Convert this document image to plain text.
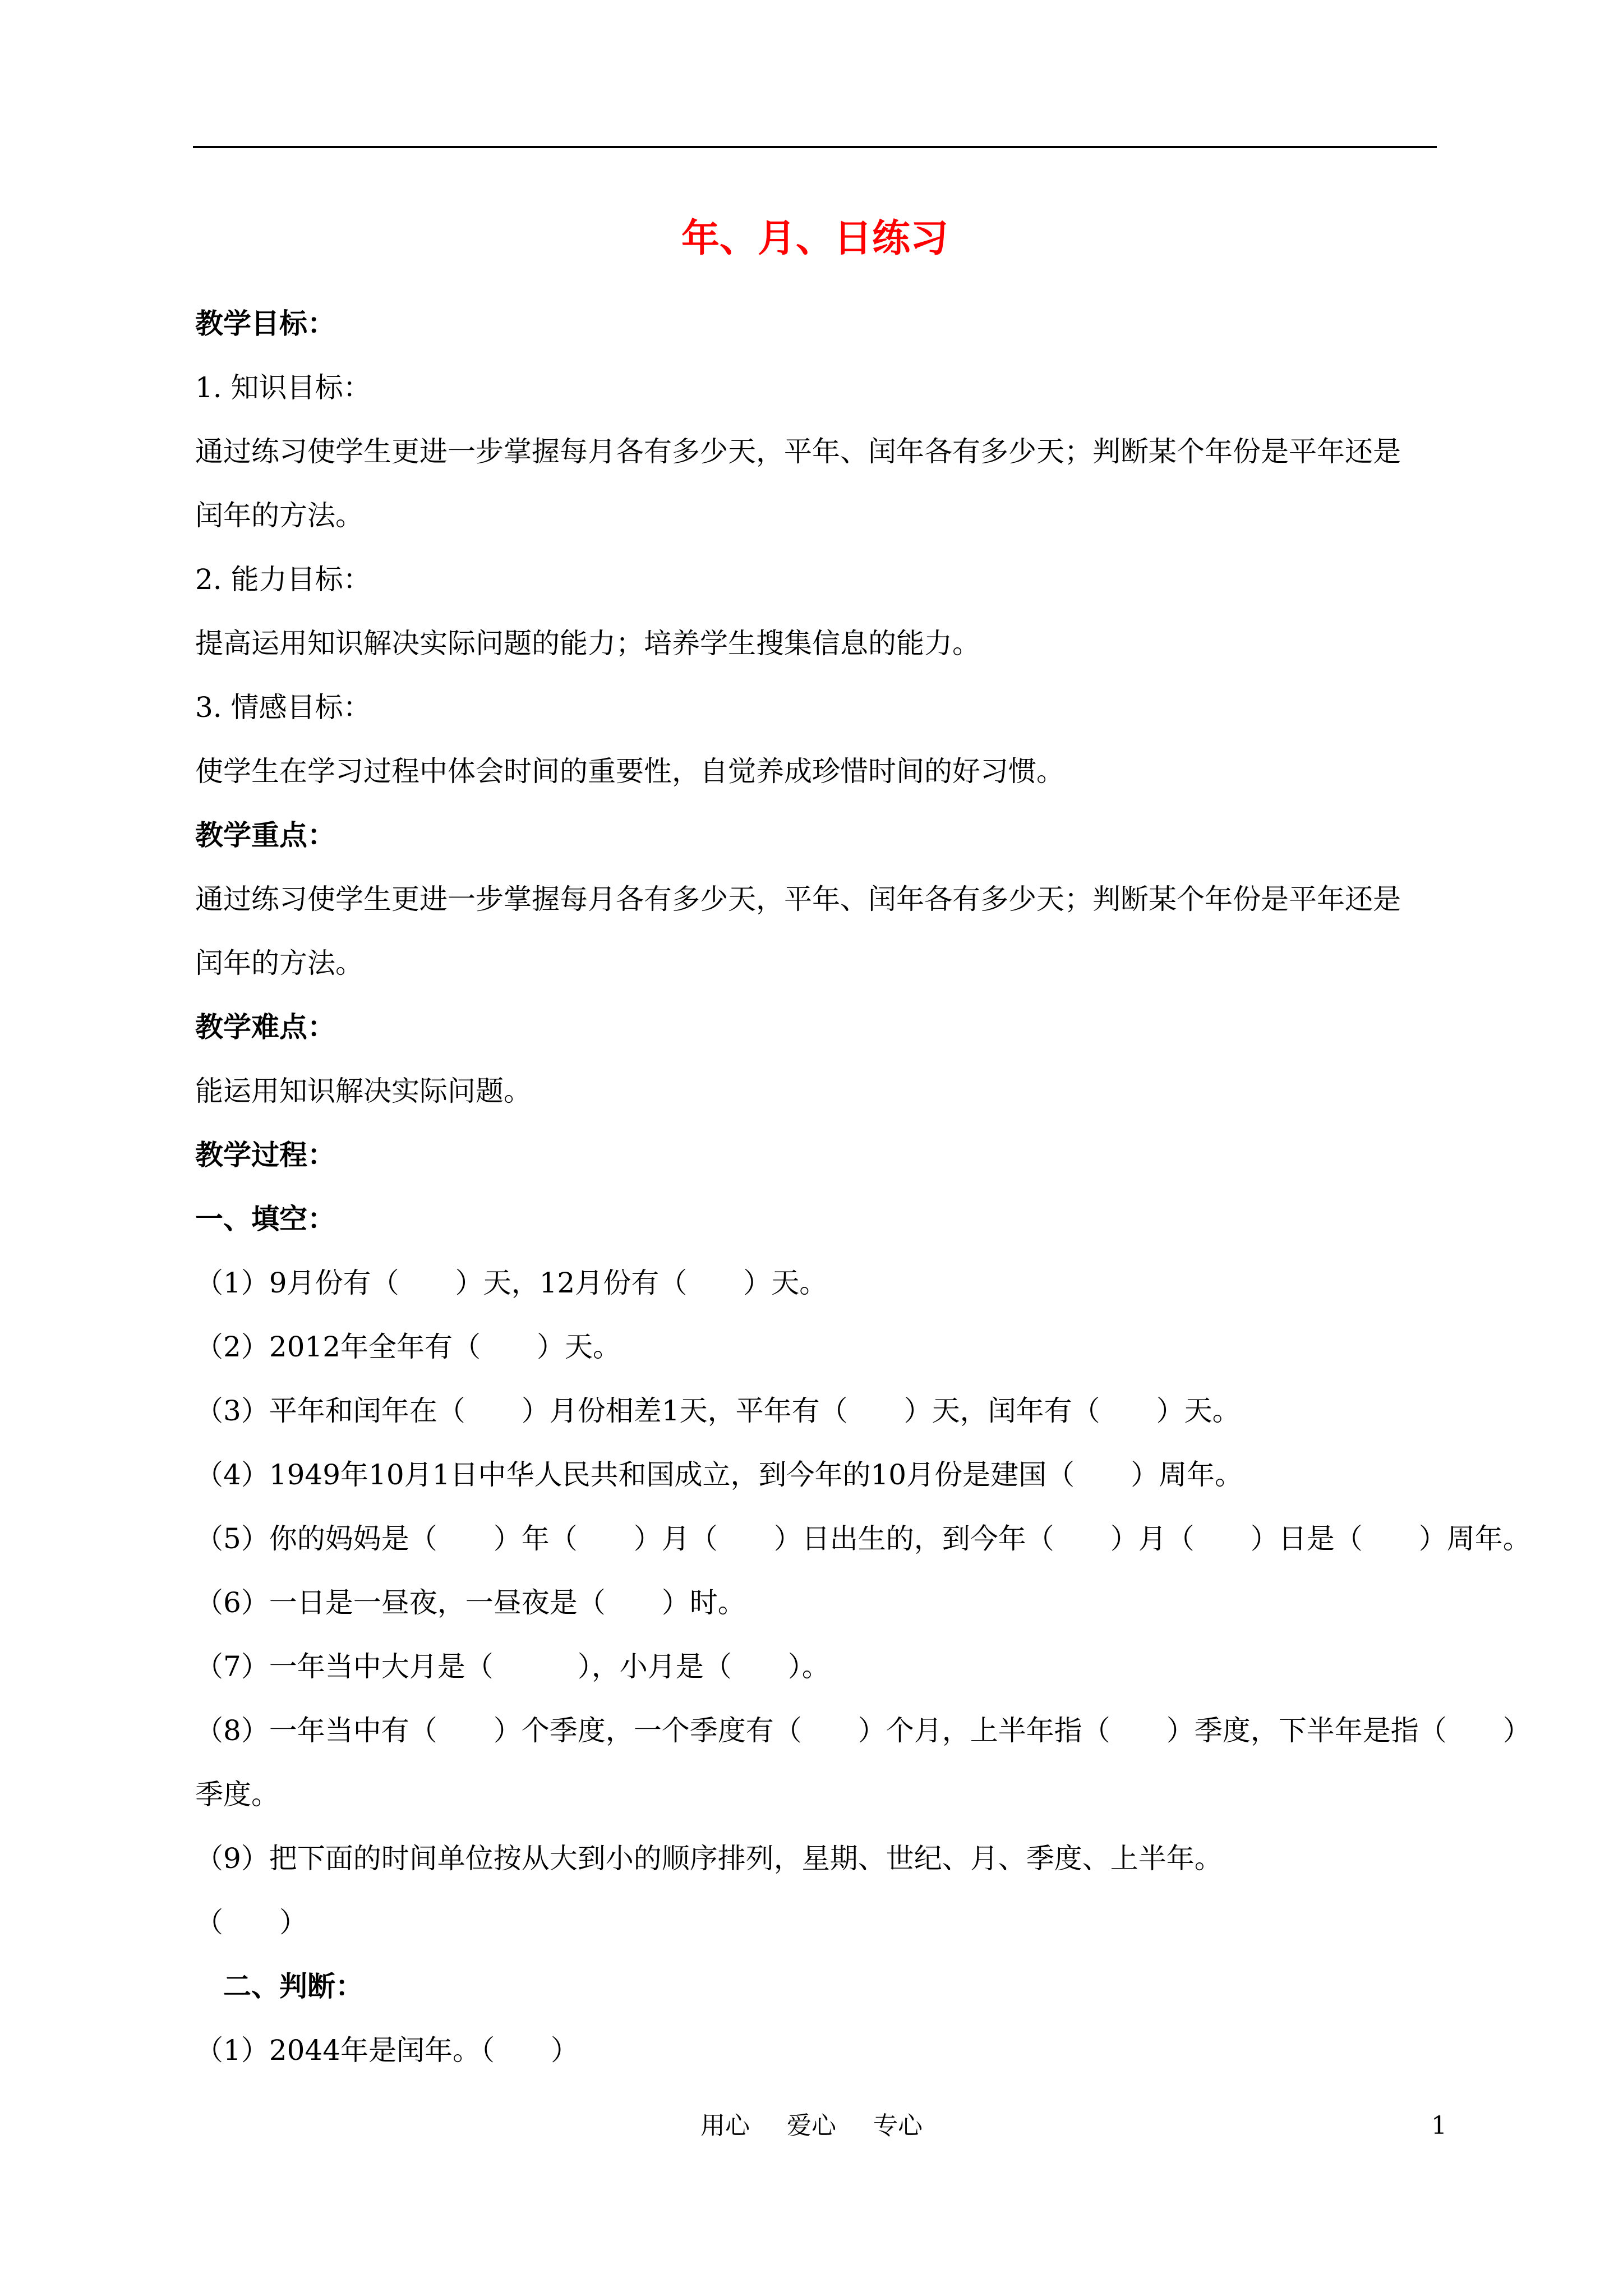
年、月、日练习
教学目标：
1. 知识目标：
通过练习使学生更进一步掌握每月各有多少天，平年、闰年各有多少天；判断某个年份是平年还是
闰年的方法。
2. 能力目标：
提高运用知识解决实际问题的能力；培养学生搜集信息的能力。
3. 情感目标：
使学生在学习过程中体会时间的重要性，自觉养成珍惜时间的好习惯。
教学重点：
通过练习使学生更进一步掌握每月各有多少天，平年、闰年各有多少天；判断某个年份是平年还是
闰年的方法。
教学难点：
能运用知识解决实际问题。
教学过程：
一、填空：
（1）9月份有（　　）天，12月份有（　　）天。
（2）2012年全年有（　　）天。
（3）平年和闰年在（　　）月份相差1天，平年有（　　）天，闰年有（　　）天。
（4）1949年10月1日中华人民共和国成立，到今年的10月份是建国（　　）周年。
（5）你的妈妈是（　　）年（　　）月（　　）日出生的，到今年（　　）月（　　）日是（　　）周年。
（6）一日是一昼夜，一昼夜是（　　）时。
（7）一年当中大月是（　　　），小月是（　　）。
（8）一年当中有（　　）个季度，一个季度有（　　）个月，上半年指（　　）季度，下半年是指（　　）
季度。
（9）把下面的时间单位按从大到小的顺序排列，星期、世纪、月、季度、上半年。
（　　）
二、判断：
（1）2044年是闰年。（　　）
用心 爱心 专心	1
